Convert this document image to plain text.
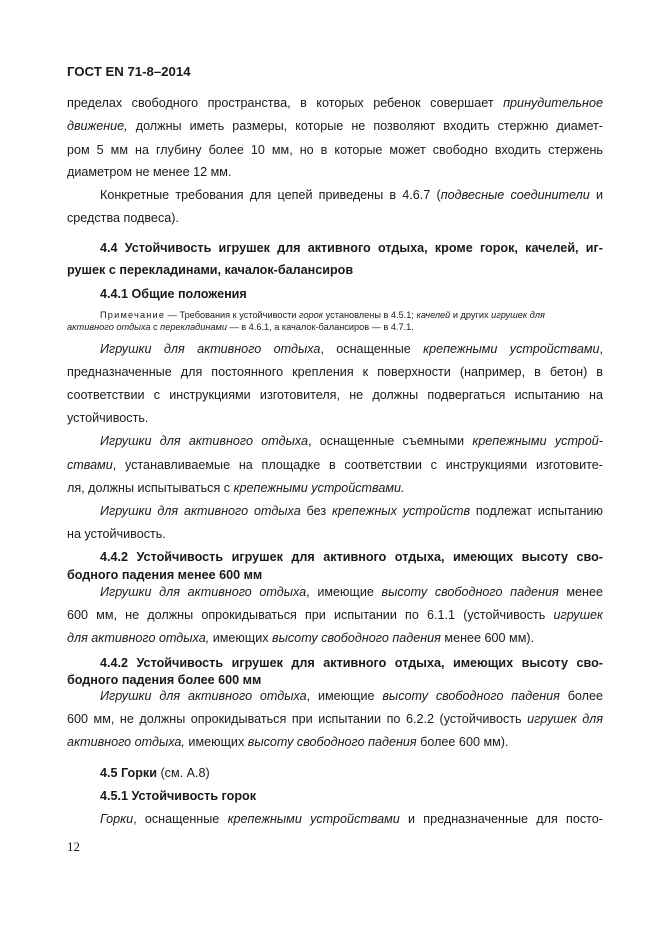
ГОСТ EN 71-8–2014
пределах свободного пространства, в которых ребенок совершает принудительное
движение, должны иметь размеры, которые не позволяют входить стержню диамет-
ром 5 мм на глубину более 10 мм, но в которые может свободно входить стержень
диаметром не менее 12 мм.
Конкретные требования для цепей приведены в 4.6.7 (подвесные соединители и
средства подвеса).
4.4 Устойчивость игрушек для активного отдыха, кроме горок, качелей, иг-
рушек с перекладинами, качалок-балансиров
4.4.1 Общие положения
Примечание — Требования к устойчивости горок установлены в 4.5.1; качелей и других игрушек для
активного отдыха с перекладинами — в 4.6.1, а качалок-балансиров — в 4.7.1.
Игрушки для активного отдыха, оснащенные крепежными устройствами,
предназначенные для постоянного крепления к поверхности (например, в бетон) в
соответствии с инструкциями изготовителя, не должны подвергаться испытанию на
устойчивость.
Игрушки для активного отдыха, оснащенные съемными крепежными устрой-
ствами, устанавливаемые на площадке в соответствии с инструкциями изготовите-
ля, должны испытываться с крепежными устройствами.
Игрушки для активного отдыха без крепежных устройств подлежат испытанию
на устойчивость.
4.4.2 Устойчивость игрушек для активного отдыха, имеющих высоту сво-
бодного падения менее 600 мм
Игрушки для активного отдыха, имеющие высоту свободного падения менее
600 мм, не должны опрокидываться при испытании по 6.1.1 (устойчивость игрушек
для активного отдыха, имеющих высоту свободного падения менее 600 мм).
4.4.2 Устойчивость игрушек для активного отдыха, имеющих высоту сво-
бодного падения более 600 мм
Игрушки для активного отдыха, имеющие высоту свободного падения более
600 мм, не должны опрокидываться при испытании по 6.2.2 (устойчивость игрушек для
активного отдыха, имеющих высоту свободного падения более 600 мм).
4.5 Горки (см. А.8)
4.5.1 Устойчивость горок
Горки, оснащенные крепежными устройствами и предназначенные для посто-
12
